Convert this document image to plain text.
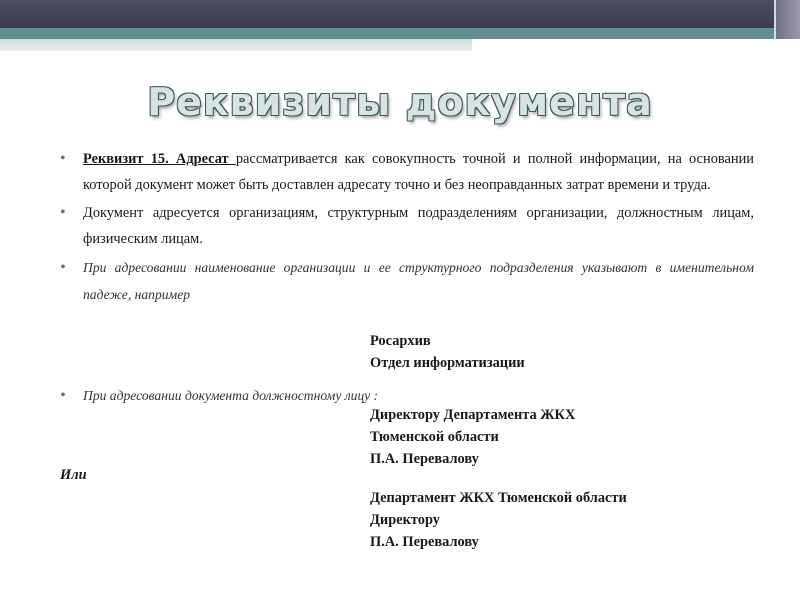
Реквизиты документа
• Реквизит 15. Адресат рассматривается как совокупность точной и полной информации, на основании которой документ может быть доставлен адресату точно и без неоправданных затрат времени и труда.
• Документ адресуется организациям, структурным подразделениям организации, должностным лицам, физическим лицам.
• При адресовании наименование организации и ее структурного подразделения указывают в именительном падеже, например
Росархив
Отдел информатизации
• При адресовании документа должностному лицу :
Директору Департамента ЖКХ
Тюменской области
П.А. Перевалову
Или
Департамент ЖКХ Тюменской области
Директору
П.А. Перевалову
